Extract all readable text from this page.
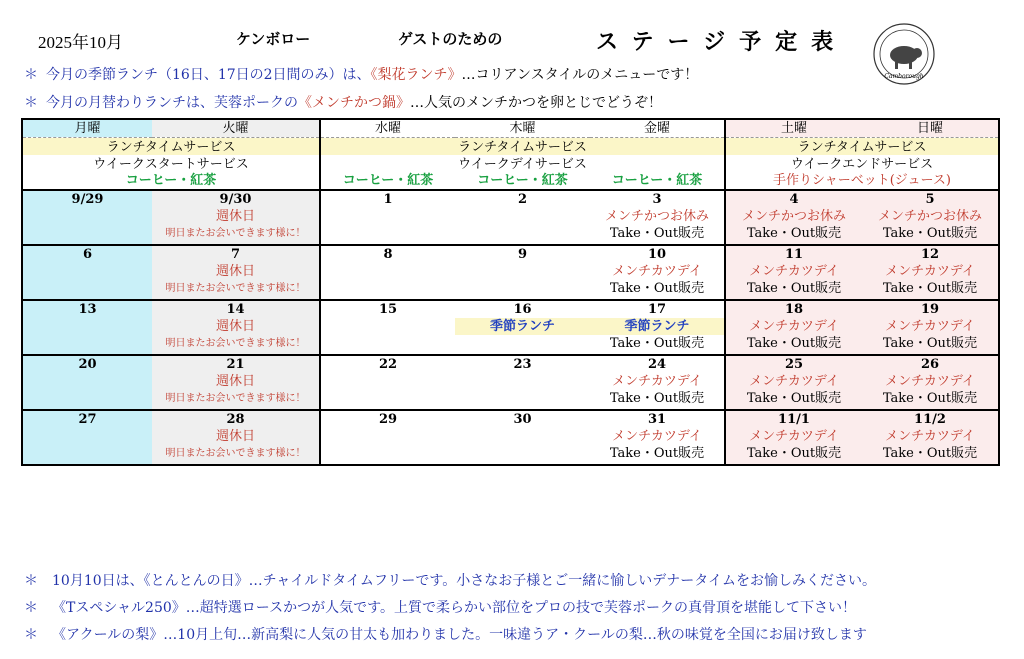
2025年10月	ケンボロー	ゲストのための	ステージ予定表
Camborough
＊ 今月の季節ランチ（16日、17日の2日間のみ）は、《梨花ランチ》…コリアンスタイルのメニューです！
＊ 今月の月替わりランチは、芙蓉ポークの《メンチかつ鍋》…人気のメンチかつを卵とじでどうぞ！
月曜	火曜	水曜	木曜	金曜	土曜	日曜
ランチタイムサービス		ランチタイムサービス			ランチタイムサービス	
ウイークスタートサービス		ウイークデイサービス			ウイークエンドサービス	
コーヒー・紅茶		コーヒー・紅茶	コーヒー・紅茶	コーヒー・紅茶	手作りシャーベット(ジュース)	
9/29	9/30	1	2	3	4	5
	週休日			メンチかつお休み	メンチかつお休み	メンチかつお休み
	明日またお会いできます様に！			Take・Out販売	Take・Out販売	Take・Out販売

6	7	8	9	10	11	12
	週休日			メンチカツデイ	メンチカツデイ	メンチカツデイ
	明日またお会いできます様に！			Take・Out販売	Take・Out販売	Take・Out販売

13	14	15	16	17	18	19
	週休日		季節ランチ	季節ランチ	メンチカツデイ	メンチカツデイ
	明日またお会いできます様に！			Take・Out販売	Take・Out販売	Take・Out販売

20	21	22	23	24	25	26
	週休日			メンチカツデイ	メンチカツデイ	メンチカツデイ
	明日またお会いできます様に！			Take・Out販売	Take・Out販売	Take・Out販売

27	28	29	30	31	11/1	11/2
	週休日			メンチカツデイ	メンチカツデイ	メンチカツデイ
	明日またお会いできます様に！			Take・Out販売	Take・Out販売	Take・Out販売

＊ 10月10日は、《とんとんの日》…チャイルドタイムフリーです。小さなお子様とご一緒に愉しいデナータイムをお愉しみください。
＊ 《Tスペシャル250》…超特選ロースかつが人気です。上質で柔らかい部位をプロの技で芙蓉ポークの真骨頂を堪能して下さい！
＊ 《アクールの梨》…10月上旬…新高梨に人気の甘太も加わりました。一味違うア・クールの梨…秋の味覚を全国にお届け致します
